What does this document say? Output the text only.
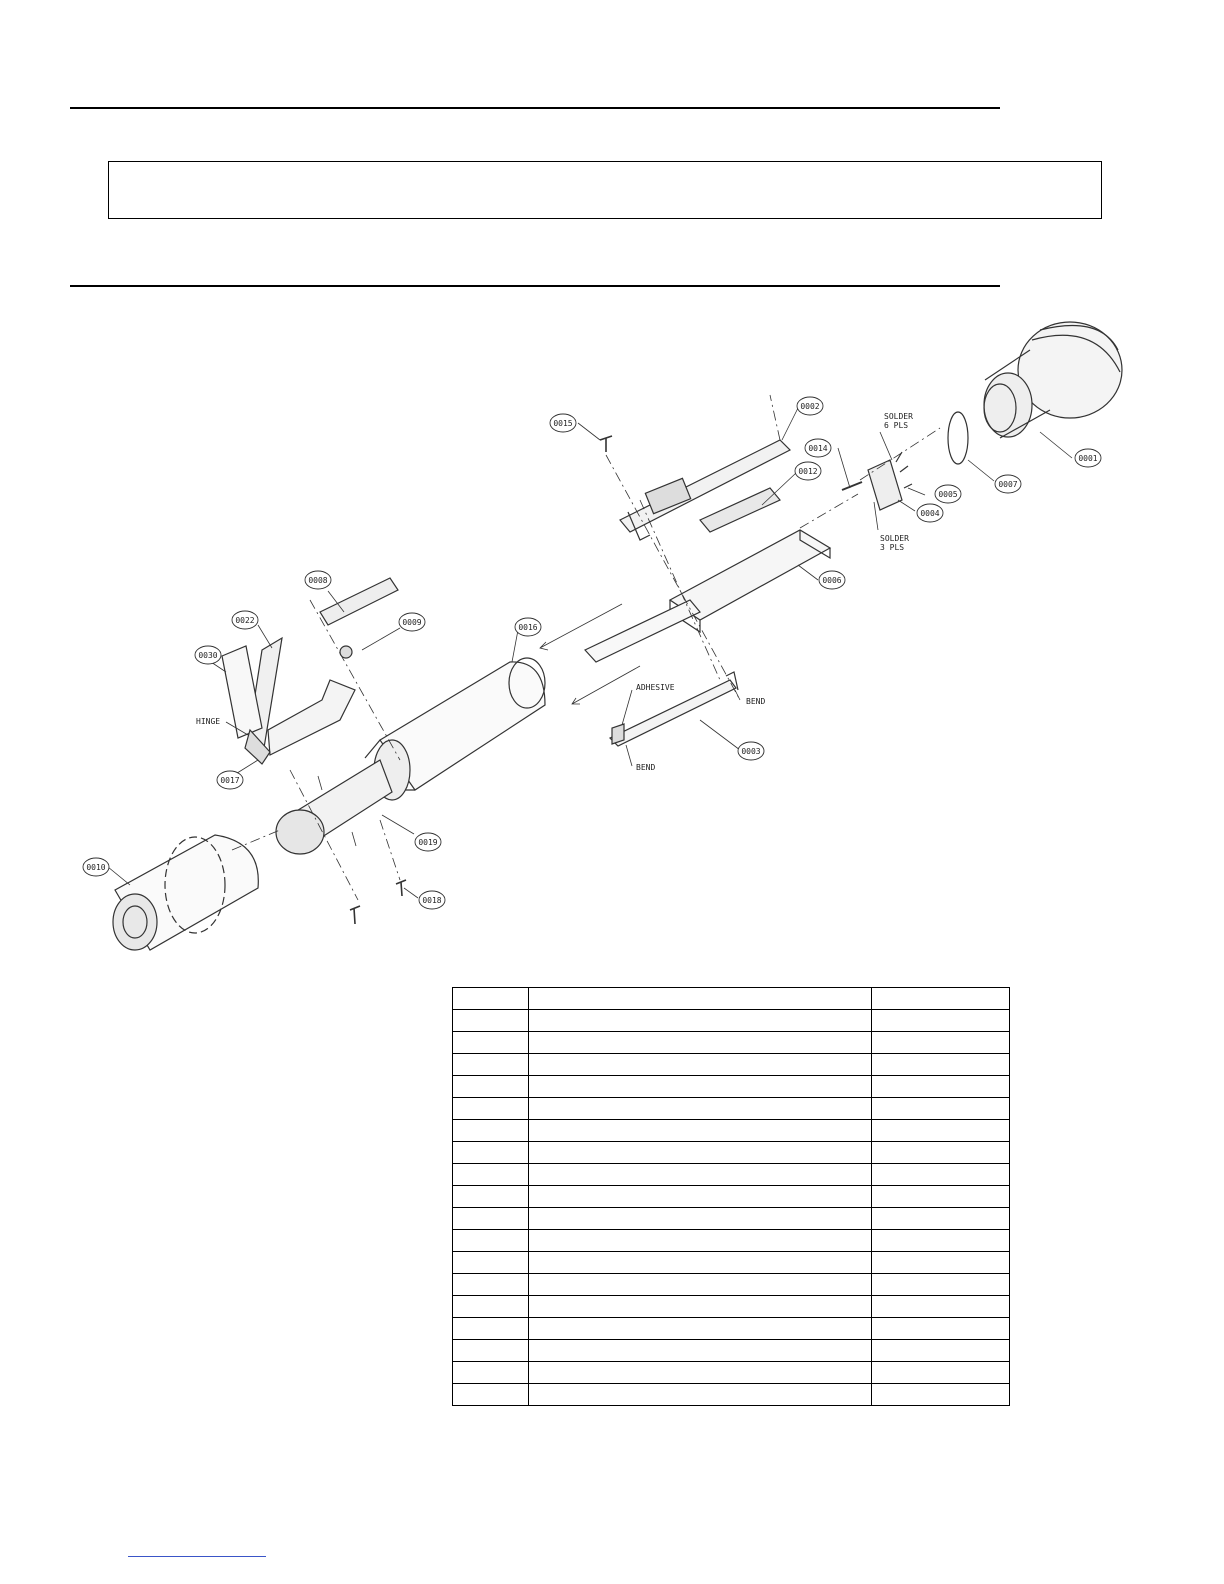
0015
0002
0012
0014
0001
0007
0005
0004
0006
0008
0022	0009
0016
0030
0017
0019
0003
0010
0018
SOLDER
6 PLS
SOLDER
3 PLS
ADHESIVE
BEND
BEND
HINGE
